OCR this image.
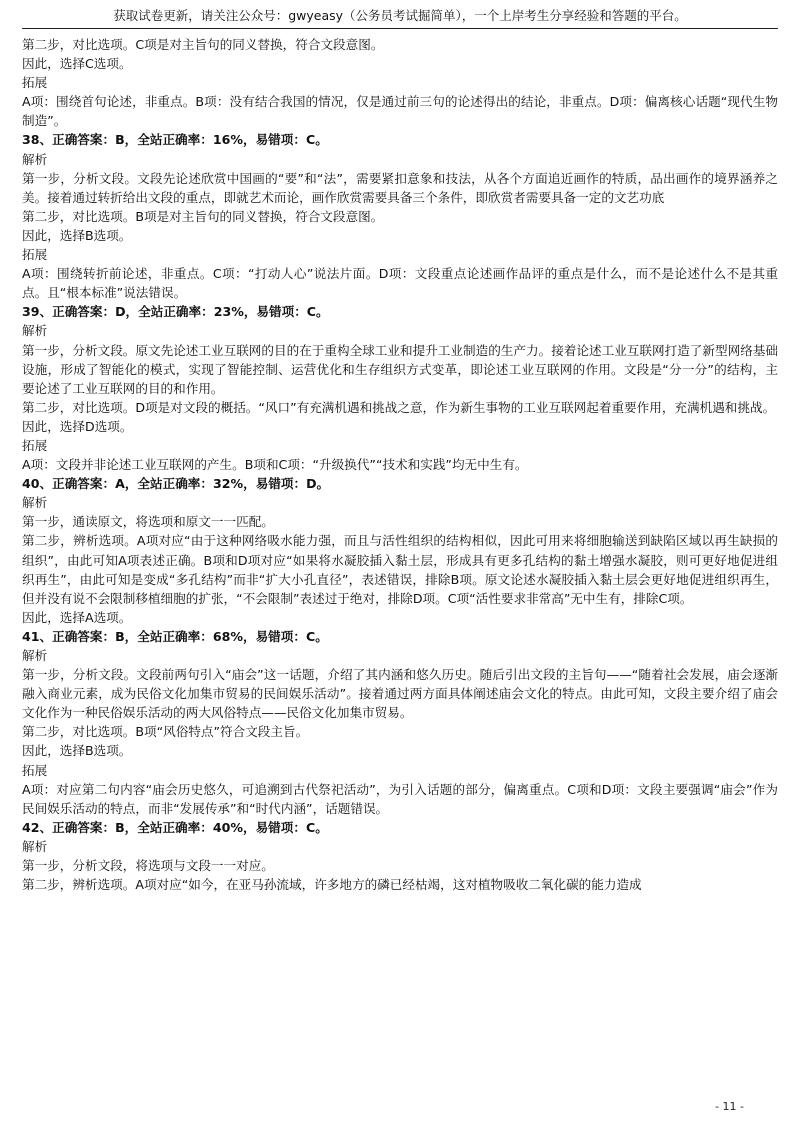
获取试卷更新，请关注公众号：gwyeasy（公务员考试掘简单），一个上岸考生分享经验和答题的平台。
第二步，对比选项。C项是对主旨句的同义替换，符合文段意图。
因此，选择C选项。
拓展
A项：围绕首句论述，非重点。B项：没有结合我国的情况，仅是通过前三句的论述得出的结论，非重点。D项：偏离核心话题“现代生物制造”。
38、正确答案：B，全站正确率：16%，易错项：C。
解析
第一步，分析文段。文段先论述欣赏中国画的“要”和“法”，需要紧扣意象和技法，从各个方面追近画作的特质，品出画作的境界涵养之美。接着通过转折给出文段的重点，即就艺术而论，画作欣赏需要具备三个条件，即欣赏者需要具备一定的文艺功底
第二步，对比选项。B项是对主旨句的同义替换，符合文段意图。
因此，选择B选项。
拓展
A项：围绕转折前论述，非重点。C项：“打动人心”说法片面。D项：文段重点论述画作品评的重点是什么，而不是论述什么不是其重点。且“根本标准”说法错误。
39、正确答案：D，全站正确率：23%，易错项：C。
解析
第一步，分析文段。原文先论述工业互联网的目的在于重构全球工业和提升工业制造的生产力。接着论述工业互联网打造了新型网络基础设施，形成了智能化的模式，实现了智能控制、运营优化和生存组织方式变革，即论述工业互联网的作用。文段是“分一分”的结构，主要论述了工业互联网的目的和作用。
第二步，对比选项。D项是对文段的概括。“风口”有充满机遇和挑战之意，作为新生事物的工业互联网起着重要作用，充满机遇和挑战。
因此，选择D选项。
拓展
A项：文段并非论述工业互联网的产生。B项和C项：“升级换代”“技术和实践”均无中生有。
40、正确答案：A，全站正确率：32%，易错项：D。
解析
第一步，通读原文，将选项和原文一一匹配。
第二步，辨析选项。A项对应“由于这种网络吸水能力强，而且与活性组织的结构相似，因此可用来将细胞输送到缺陷区域以再生缺损的组织”，由此可知A项表述正确。B项和D项对应“如果将水凝胶插入黏土层，形成具有更多孔结构的黏土增强水凝胶，则可更好地促进组织再生”，由此可知是变成“多孔结构”而非“扩大小孔直径”，表述错误，排除B项。原文论述水凝胶插入黏土层会更好地促进组织再生，但并没有说不会限制移植细胞的扩张，“不会限制”表述过于绝对，排除D项。C项“活性要求非常高”无中生有，排除C项。
因此，选择A选项。
41、正确答案：B，全站正确率：68%，易错项：C。
解析
第一步，分析文段。文段前两句引入“庙会”这一话题，介绍了其内涵和悠久历史。随后引出文段的主旨句——“随着社会发展，庙会逐渐融入商业元素，成为民俗文化加集市贸易的民间娱乐活动”。接着通过两方面具体阐述庙会文化的特点。由此可知，文段主要介绍了庙会文化作为一种民俗娱乐活动的两大风俗特点——民俗文化加集市贸易。
第二步，对比选项。B项“风俗特点”符合文段主旨。
因此，选择B选项。
拓展
A项：对应第二句内容“庙会历史悠久，可追溯到古代祭祀活动”，为引入话题的部分，偏离重点。C项和D项：文段主要强调“庙会”作为民间娱乐活动的特点，而非“发展传承”和“时代内涵”，话题错误。
42、正确答案：B，全站正确率：40%，易错项：C。
解析
第一步，分析文段，将选项与文段一一对应。
第二步，辨析选项。A项对应“如今，在亚马孙流域，许多地方的磷已经枯竭，这对植物吸收二氧化碳的能力造成
- 11 -
